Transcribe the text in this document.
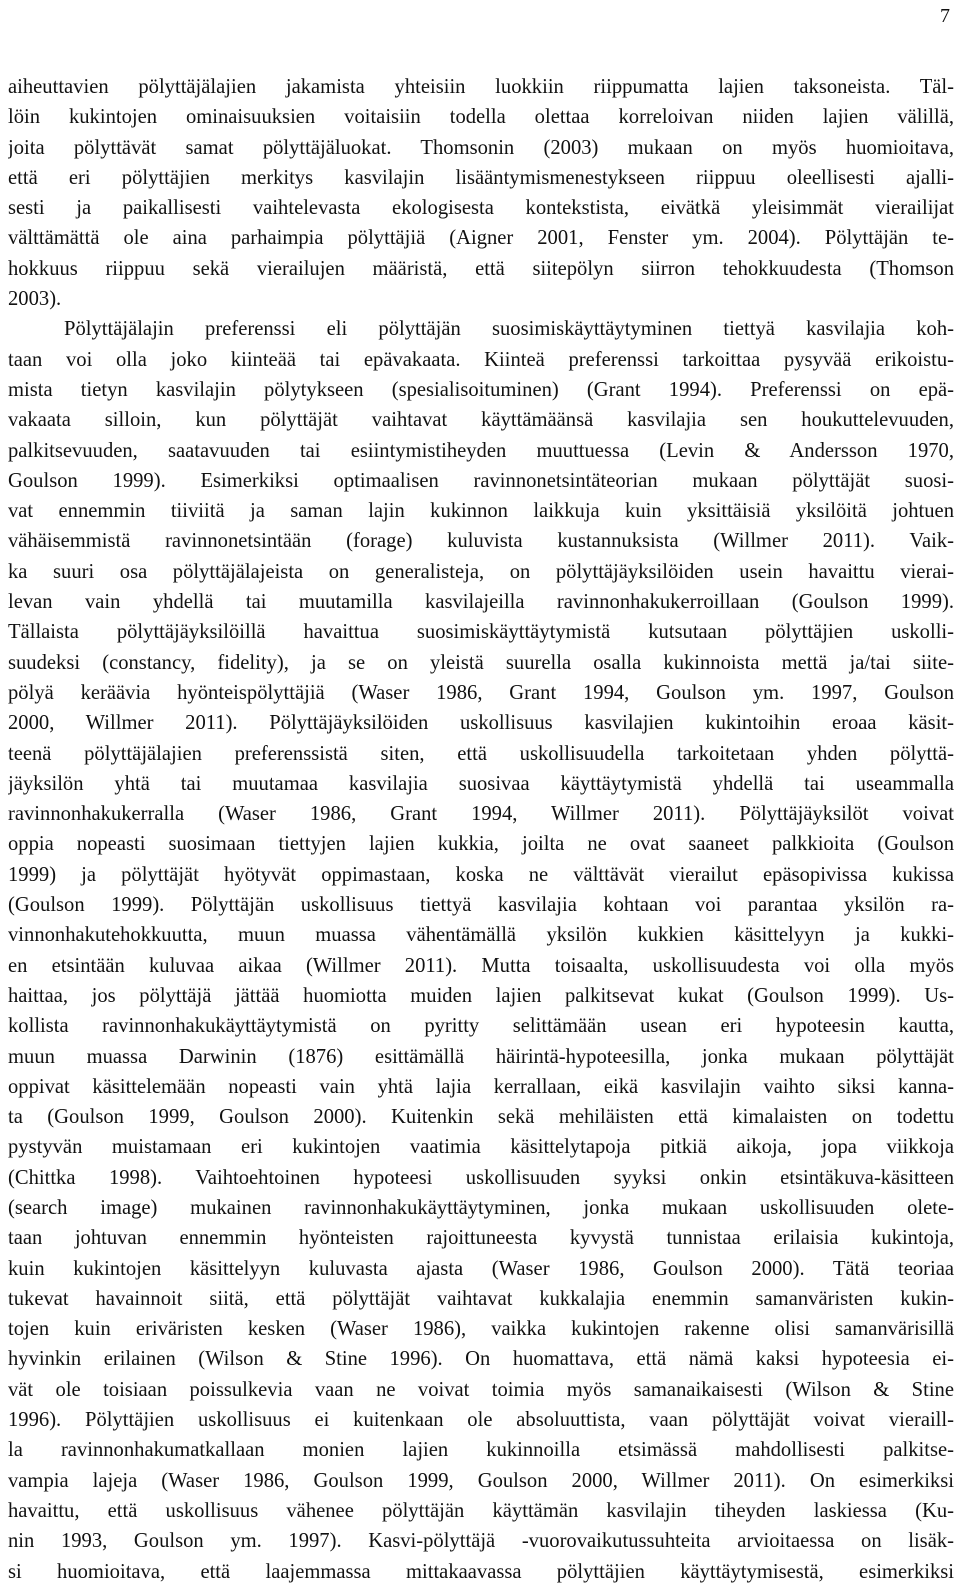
7
aiheuttavien pölyttäjälajien jakamista yhteisiin luokkiin riippumatta lajien taksoneista. Täl-
löin kukintojen ominaisuuksien voitaisiin todella olettaa korreloivan niiden lajien välillä,
joita pölyttävät samat pölyttäjäluokat. Thomsonin (2003) mukaan on myös huomioitava,
että eri pölyttäjien merkitys kasvilajin lisääntymismenestykseen riippuu oleellisesti ajalli-
sesti ja paikallisesti vaihtelevasta ekologisesta kontekstista, eivätkä yleisimmät vierailijat
välttämättä ole aina parhaimpia pölyttäjiä (Aigner 2001, Fenster ym. 2004). Pölyttäjän te-
hokkuus riippuu sekä vierailujen määristä, että siitepölyn siirron tehokkuudesta (Thomson
2003).
Pölyttäjälajin preferenssi eli pölyttäjän suosimiskäyttäytyminen tiettyä kasvilajia koh-
taan voi olla joko kiinteää tai epävakaata. Kiinteä preferenssi tarkoittaa pysyvää erikoistu-
mista tietyn kasvilajin pölytykseen (spesialisoituminen) (Grant 1994). Preferenssi on epä-
vakaata silloin, kun pölyttäjät vaihtavat käyttämäänsä kasvilajia sen houkuttelevuuden,
palkitsevuuden, saatavuuden tai esiintymistiheyden muuttuessa (Levin & Andersson 1970,
Goulson 1999). Esimerkiksi optimaalisen ravinnonetsintäteorian mukaan pölyttäjät suosi-
vat ennemmin tiiviitä ja saman lajin kukinnon laikkuja kuin yksittäisiä yksilöitä johtuen
vähäisemmistä ravinnonetsintään (forage) kuluvista kustannuksista (Willmer 2011). Vaik-
ka suuri osa pölyttäjälajeista on generalisteja, on pölyttäjäyksilöiden usein havaittu vierai-
levan vain yhdellä tai muutamilla kasvilajeilla ravinnonhakukerroillaan (Goulson 1999).
Tällaista pölyttäjäyksilöillä havaittua suosimiskäyttäytymistä kutsutaan pölyttäjien uskolli-
suudeksi (constancy, fidelity), ja se on yleistä suurella osalla kukinnoista mettä ja/tai siite-
pölyä keräävia hyönteispölyttäjiä (Waser 1986, Grant 1994, Goulson ym. 1997, Goulson
2000, Willmer 2011). Pölyttäjäyksilöiden uskollisuus kasvilajien kukintoihin eroaa käsit-
teenä pölyttäjälajien preferenssistä siten, että uskollisuudella tarkoitetaan yhden pölyttä-
jäyksilön yhtä tai muutamaa kasvilajia suosivaa käyttäytymistä yhdellä tai useammalla
ravinnonhakukerralla (Waser 1986, Grant 1994, Willmer 2011). Pölyttäjäyksilöt voivat
oppia nopeasti suosimaan tiettyjen lajien kukkia, joilta ne ovat saaneet palkkioita (Goulson
1999) ja pölyttäjät hyötyvät oppimastaan, koska ne välttävät vierailut epäsopivissa kukissa
(Goulson 1999). Pölyttäjän uskollisuus tiettyä kasvilajia kohtaan voi parantaa yksilön ra-
vinnonhakutehokkuutta, muun muassa vähentämällä yksilön kukkien käsittelyyn ja kukki-
en etsintään kuluvaa aikaa (Willmer 2011). Mutta toisaalta, uskollisuudesta voi olla myös
haittaa, jos pölyttäjä jättää huomiotta muiden lajien palkitsevat kukat (Goulson 1999). Us-
kollista ravinnonhakukäyttäytymistä on pyritty selittämään usean eri hypoteesin kautta,
muun muassa Darwinin (1876) esittämällä häirintä-hypoteesilla, jonka mukaan pölyttäjät
oppivat käsittelemään nopeasti vain yhtä lajia kerrallaan, eikä kasvilajin vaihto siksi kanna-
ta (Goulson 1999, Goulson 2000). Kuitenkin sekä mehiläisten että kimalaisten on todettu
pystyvän muistamaan eri kukintojen vaatimia käsittelytapoja pitkiä aikoja, jopa viikkoja
(Chittka 1998). Vaihtoehtoinen hypoteesi uskollisuuden syyksi onkin etsintäkuva-käsitteen
(search image) mukainen ravinnonhakukäyttäytyminen, jonka mukaan uskollisuuden olete-
taan johtuvan ennemmin hyönteisten rajoittuneesta kyvystä tunnistaa erilaisia kukintoja,
kuin kukintojen käsittelyyn kuluvasta ajasta (Waser 1986, Goulson 2000). Tätä teoriaa
tukevat havainnoit siitä, että pölyttäjät vaihtavat kukkalajia enemmin samanväristen kukin-
tojen kuin eriväristen kesken (Waser 1986), vaikka kukintojen rakenne olisi samanvärisillä
hyvinkin erilainen (Wilson & Stine 1996). On huomattava, että nämä kaksi hypoteesia ei-
vät ole toisiaan poissulkevia vaan ne voivat toimia myös samanaikaisesti (Wilson & Stine
1996). Pölyttäjien uskollisuus ei kuitenkaan ole absoluuttista, vaan pölyttäjät voivat vieraill-
la ravinnonhakumatkallaan monien lajien kukinnoilla etsimässä mahdollisesti palkitse-
vampia lajeja (Waser 1986, Goulson 1999, Goulson 2000, Willmer 2011). On esimerkiksi
havaittu, että uskollisuus vähenee pölyttäjän käyttämän kasvilajin tiheyden laskiessa (Ku-
nin 1993, Goulson ym. 1997). Kasvi-pölyttäjä -vuorovaikutussuhteita arvioitaessa on lisäk-
si huomioitava, että laajemmassa mittakaavassa pölyttäjien käyttäytymisestä, esimerkiksi
